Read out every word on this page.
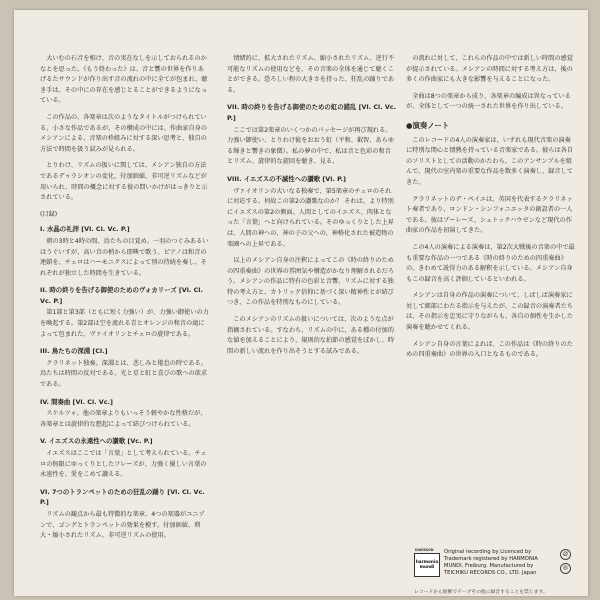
大いむの石音を相け、音の実在なしを示しておられるのかなとを思った。《もう終わった》は、音と響の世界を作りあげるたサウンドが作り出す音の流れの中に全てが包まれ、聴き手は、その中にの存在を感じとることができるようになっている。

この作品の、各楽章は次のようなタイトルがつけられている。小さな作品であるが、その構成の中には、作曲家自身のメシアンによる、音楽の枠組みに対する深い思考と、独自の方法で時間を扱う試みが見られる。

とりわけ、リズムの扱いに関しては、メシアン独自の方法であるデゥラシオンの変化、付加価値、非可逆リズムなどが用いられ、時間の概念に対する彼の問いかけがはっきりと示されている。

(目録)
I. 水晶の礼拝 [Vl. Cl. Vc. P.]

朝の3時と4時の間、鳥たちの目覚め。一羽のつぐみあるいはうぐいすが、高い音の梢から即興で歌う。ピアノは和音の連鎖を、チェロはハーモニクスによって別の持続を奏し、それぞれが独立した時間を生きている。

II. 時の終りを告げる御使のためのヴォカリーズ [Vl. Cl. Vc. P.]

第1部と第3部（ともに短く力強い）が、力強い御使いの力を喚起する。第2部は空を流れる青とオレンジの和音の滝によって包まれた、ヴァイオリンとチェロの旋律である。

III. 鳥たちの深淵 [Cl.]

クラリネット独奏。深淵とは、悲しみと倦怠の時である。鳥たちは時間の反対である。光と星と虹と喜びの歌への欲求である。

IV. 間奏曲 [Vl. Cl. Vc.]

スケルツォ。他の楽章よりもいっそう軽やかな性格だが、各楽章とは旋律的な想起によって結びつけられている。

V. イエズスの永遠性への讃歌 [Vc. P.]

イエズスはここでは「言葉」として考えられている。チェロの無限にゆっくりとしたフレーズが、力強く優しい言葉の永遠性を、愛をこめて讃える。

VI. 7つのトランペットのための狂乱の踊り [Vl. Cl. Vc. P.]

リズムの観点から最も特徴的な楽章。4つの楽器がユニゾンで、ゴングとトランペットの効果を模す。付加価値、増大・縮小されたリズム、非可逆リズムの使用。

情緒的に、拡大されたリズム、縮小されたリズム、逆行不可能なリズムの使用などを、その音楽の全体を通じて聴くことができる。恐ろしい程の大きさを持った、狂乱の踊りである。

VII. 時の終りを告げる御使のための虹の錯乱 [Vl. Cl. Vc. P.]

ここでは第2楽章のいくつかのパッセージが再び現れる。力強い御使い、とりわけ彼をおおう虹（平和、叡智、あらゆる輝きと響きの象徴）。私の夢の中で、私は音と色彩の和音とリズム、旋律的な旋回を聴き、見る。

VIII. イエズスの不滅性への讃歌 [Vl. P.]

ヴァイオリンの大いなる独奏で、第5楽章のチェロのそれに対応する。何故この第2の讃歌なのか？ それは、より特別にイエズスの第2の側面、人間としてのイエズス、肉体となった「言葉」へと向けられている。そのゆっくりとした上昇は、人間の神への、神の子の父への、神格化された被造物の楽園への上昇である。

以上のメシアン自身の注釈によってこの《時の終りのための四重奏曲》の世界の雰囲気や構造がかなり理解されるだろう。メシアンの作品に特有の色彩と音響、リズムに対する独特の考え方と、カトリック信仰に基づく深い精神性とが結びつき、この作品を特別なものにしている。

このメシアンのリズムの扱いについては、次のような点が指摘されている。すなわち、リズムの中に、ある種の付加的な値を加えることにより、規則的な拍節の感覚をぼかし、時間の新しい流れを作り出そうとする試みである。

の流れに対して、これらの作品の中では新しい時間の感覚が提示されている。メシアンの時間に対する考え方は、後の多くの作曲家にも大きな影響を与えることになった。

全曲は8つの楽章から成り、各楽章の編成は異なっているが、全体として一つの統一された世界を作り出している。

●演奏ノート

このレコードの4人の演奏家は、いずれも現代音楽の演奏に特別な関心と情熱を持っている音楽家である。彼らは各自のソリストとしての活動のかたわら、このアンサンブルを組んで、現代の室内楽の重要な作品を数多く演奏し、録音してきた。

クラリネットのデ・ペイエは、英国を代表するクラリネット奏者であり、ロンドン・シンフォニエッタの創設者の一人である。彼はブーレーズ、シュトックハウゼンなど現代の作曲家の作品を初演してきた。

この4人の演奏による演奏は、第2次大戦後の音楽の中で最も重要な作品の一つである《時の終りのための四重奏曲》の、きわめて説得力のある解釈を示している。メシアン自身もこの録音を高く評価しているといわれる。

メシアンは自身の作品の演奏について、しばしば演奏家に対して細部にわたる指示を与えたが、この録音の演奏者たちは、その指示を忠実に守りながらも、各自の個性を生かした演奏を聴かせてくれる。

メシアン自身の言葉によれば、この作品は《時の終りのための四重奏曲》の世界の入口となるものである。

DIAPASON
harmonia mundi
Original recording by Licenced by Trademark registered by HARMONIA MUNDI, Freiburg. Manufactured by TEICHIKU RECORDS CO., LTD. Japan
Ø
®
レコードから無断でテープその他に録音することを禁じます。
